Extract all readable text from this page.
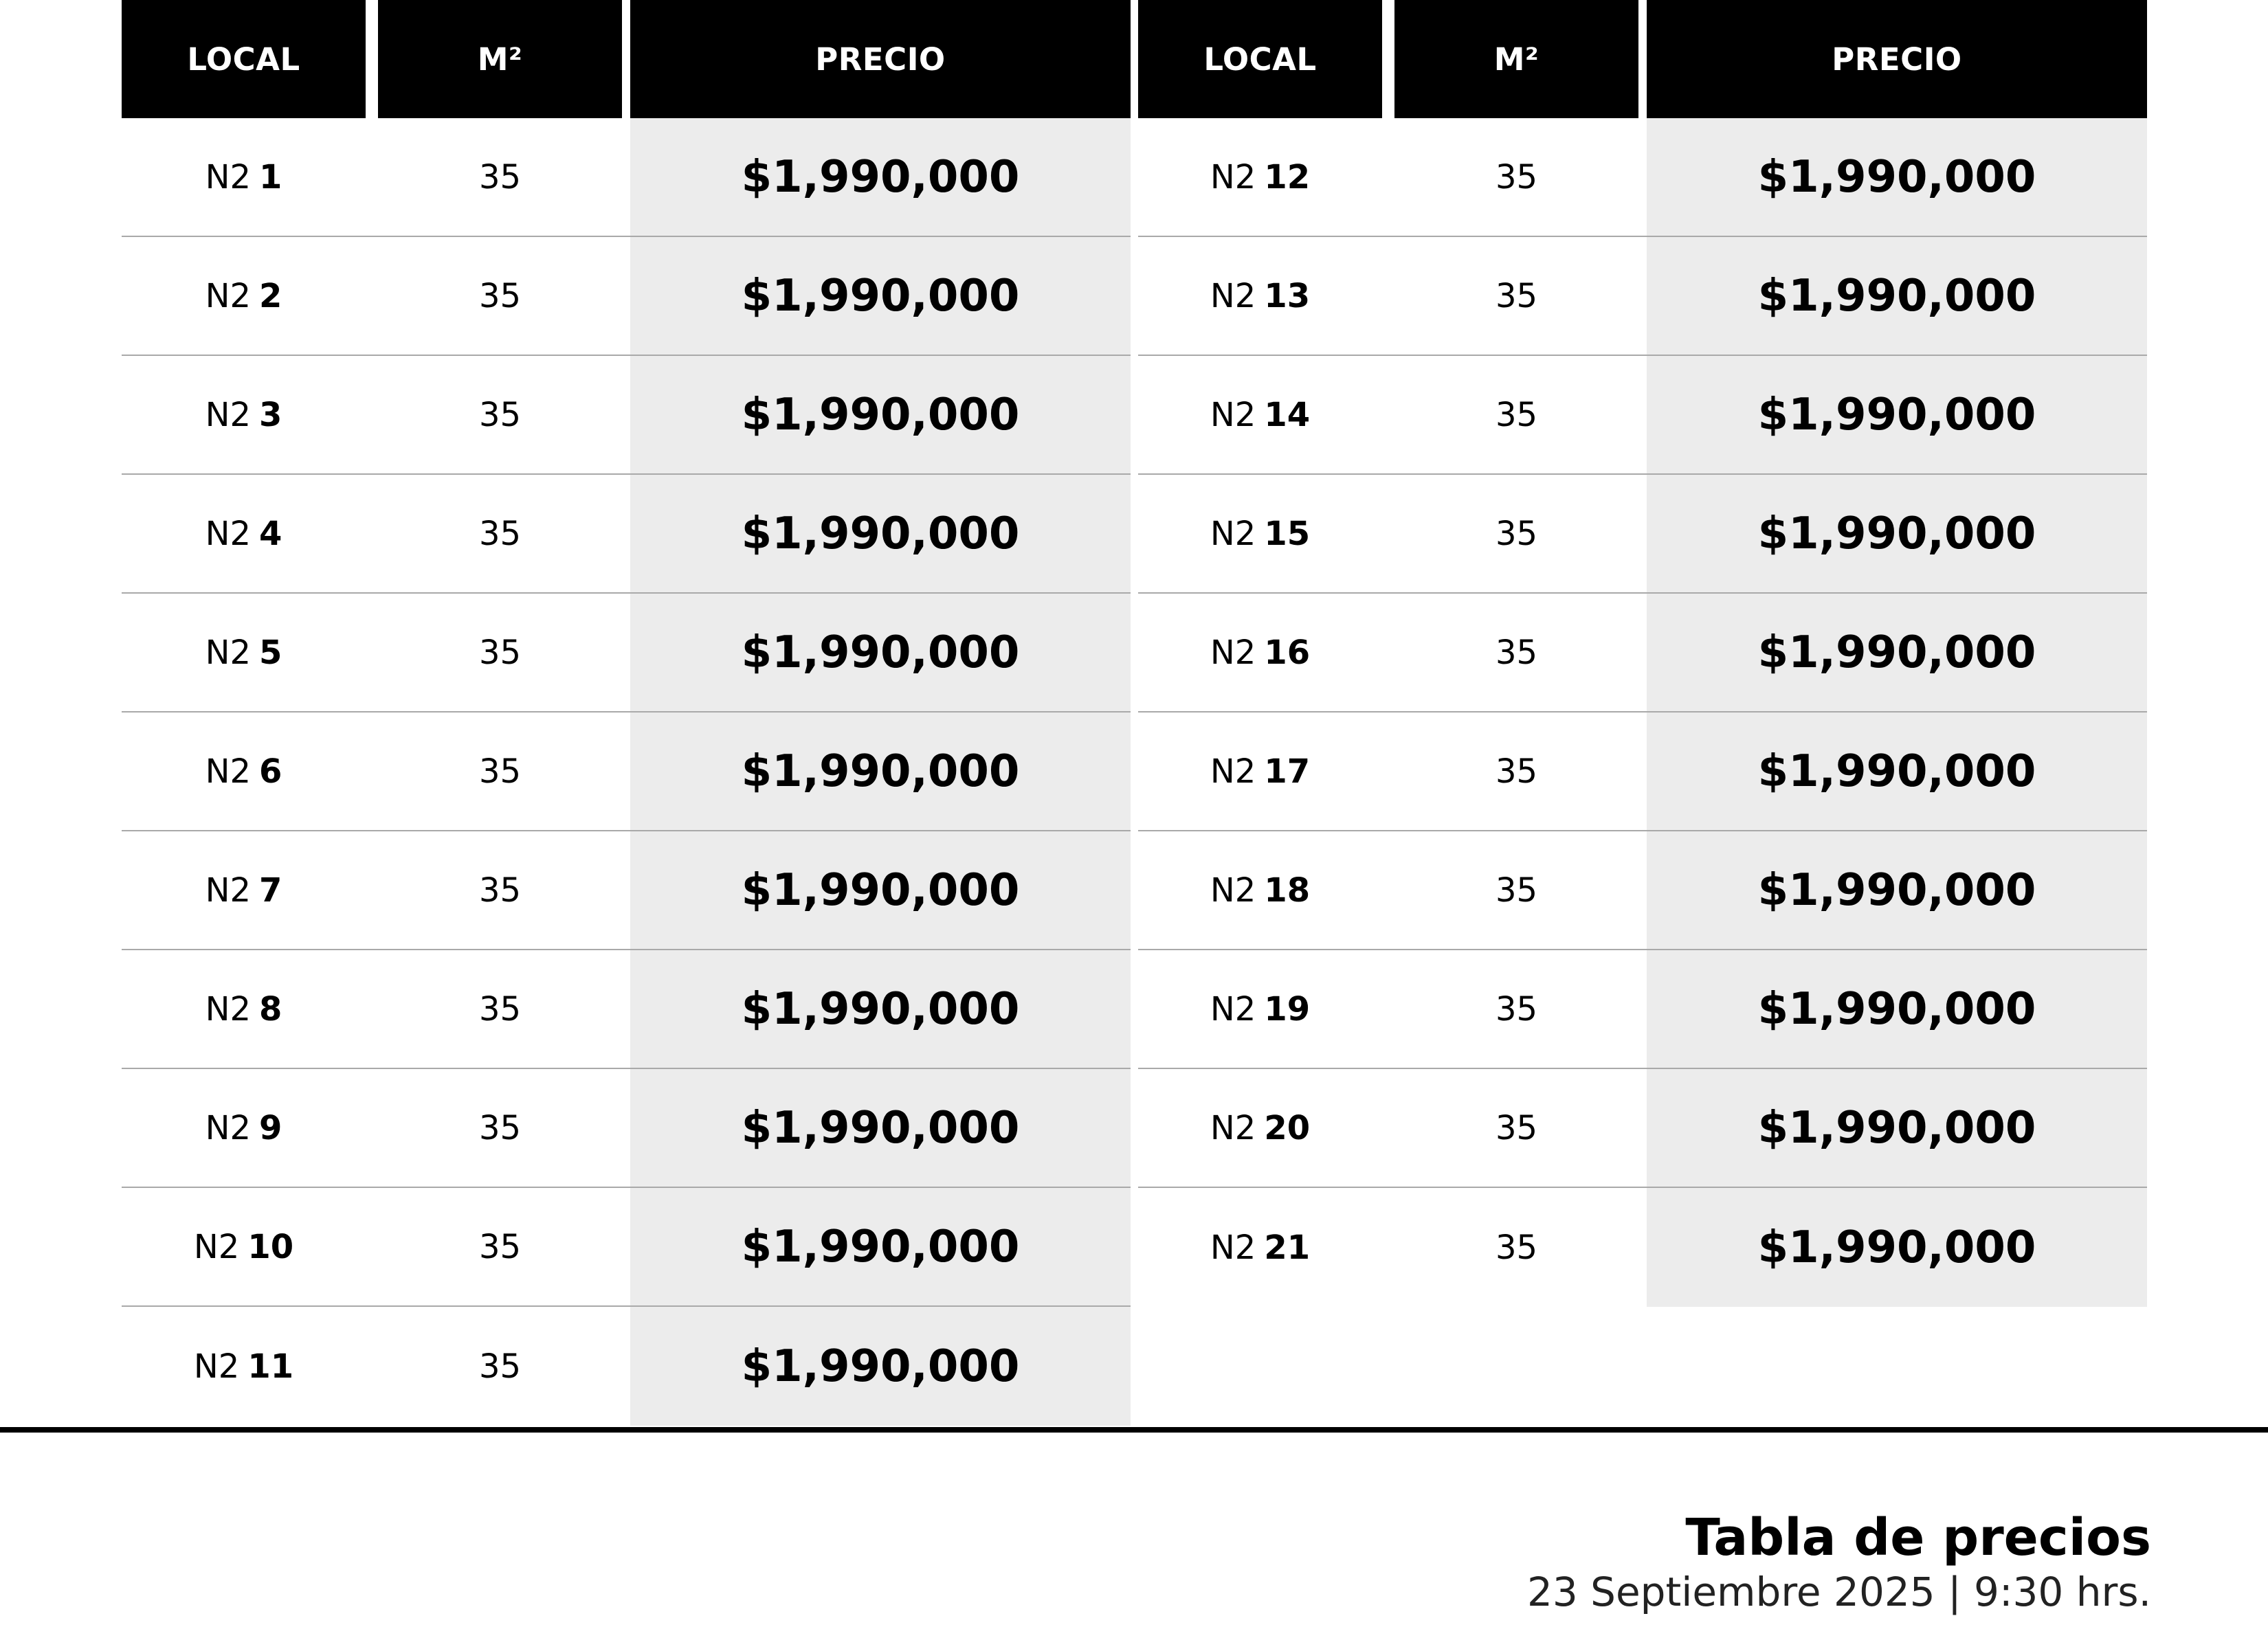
LOCAL	M²	PRECIO
N2 1	35	$1,990,000
N2 2	35	$1,990,000
N2 3	35	$1,990,000
N2 4	35	$1,990,000
N2 5	35	$1,990,000
N2 6	35	$1,990,000
N2 7	35	$1,990,000
N2 8	35	$1,990,000
N2 9	35	$1,990,000
N2 10	35	$1,990,000
N2 11	35	$1,990,000
LOCAL	M²	PRECIO
N2 12	35	$1,990,000
N2 13	35	$1,990,000
N2 14	35	$1,990,000
N2 15	35	$1,990,000
N2 16	35	$1,990,000
N2 17	35	$1,990,000
N2 18	35	$1,990,000
N2 19	35	$1,990,000
N2 20	35	$1,990,000
N2 21	35	$1,990,000
Tabla de precios
23 Septiembre 2025 | 9:30 hrs.
